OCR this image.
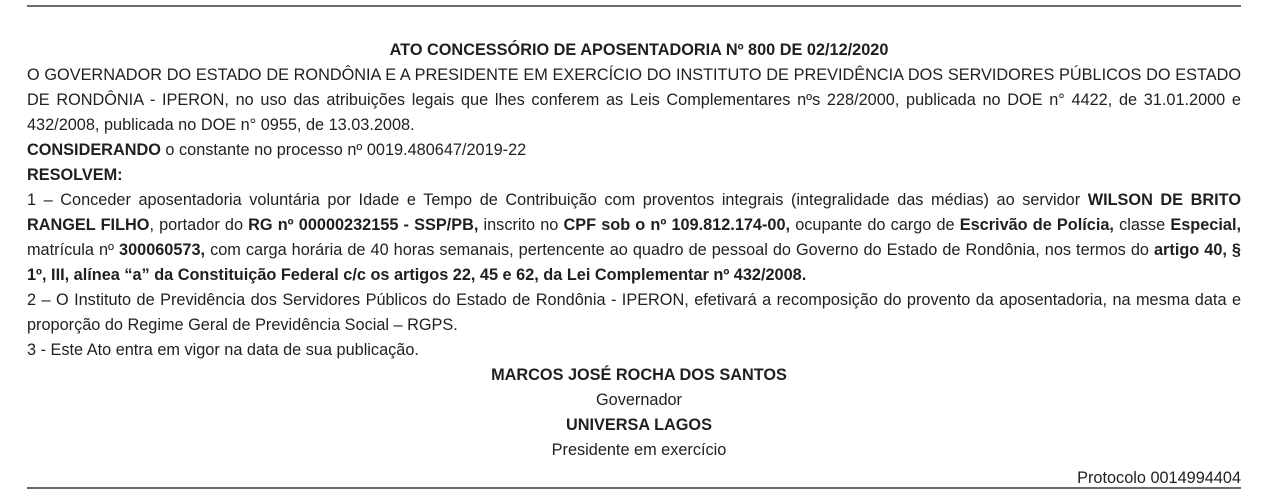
ATO CONCESSÓRIO DE APOSENTADORIA Nº 800 DE 02/12/2020

O GOVERNADOR DO ESTADO DE RONDÔNIA E A PRESIDENTE EM EXERCÍCIO DO INSTITUTO DE PREVIDÊNCIA DOS SERVIDORES PÚBLICOS DO ESTADO DE RONDÔNIA - IPERON, no uso das atribuições legais que lhes conferem as Leis Complementares nºs 228/2000, publicada no DOE n° 4422, de 31.01.2000 e 432/2008, publicada no DOE n° 0955, de 13.03.2008.

CONSIDERANDO o constante no processo nº 0019.480647/2019-22

RESOLVEM:

1 – Conceder aposentadoria voluntária por Idade e Tempo de Contribuição com proventos integrais (integralidade das médias) ao servidor WILSON DE BRITO RANGEL FILHO, portador do RG nº 00000232155 - SSP/PB, inscrito no CPF sob o nº 109.812.174-00, ocupante do cargo de Escrivão de Polícia, classe Especial, matrícula nº 300060573, com carga horária de 40 horas semanais, pertencente ao quadro de pessoal do Governo do Estado de Rondônia, nos termos do artigo 40, § 1º, III, alínea “a” da Constituição Federal c/c os artigos 22, 45 e 62, da Lei Complementar nº 432/2008.

2 – O Instituto de Previdência dos Servidores Públicos do Estado de Rondônia - IPERON, efetivará a recomposição do provento da aposentadoria, na mesma data e proporção do Regime Geral de Previdência Social – RGPS.

3 - Este Ato entra em vigor na data de sua publicação.

MARCOS JOSÉ ROCHA DOS SANTOS
Governador
UNIVERSA LAGOS
Presidente em exercício
Protocolo 0014994404
